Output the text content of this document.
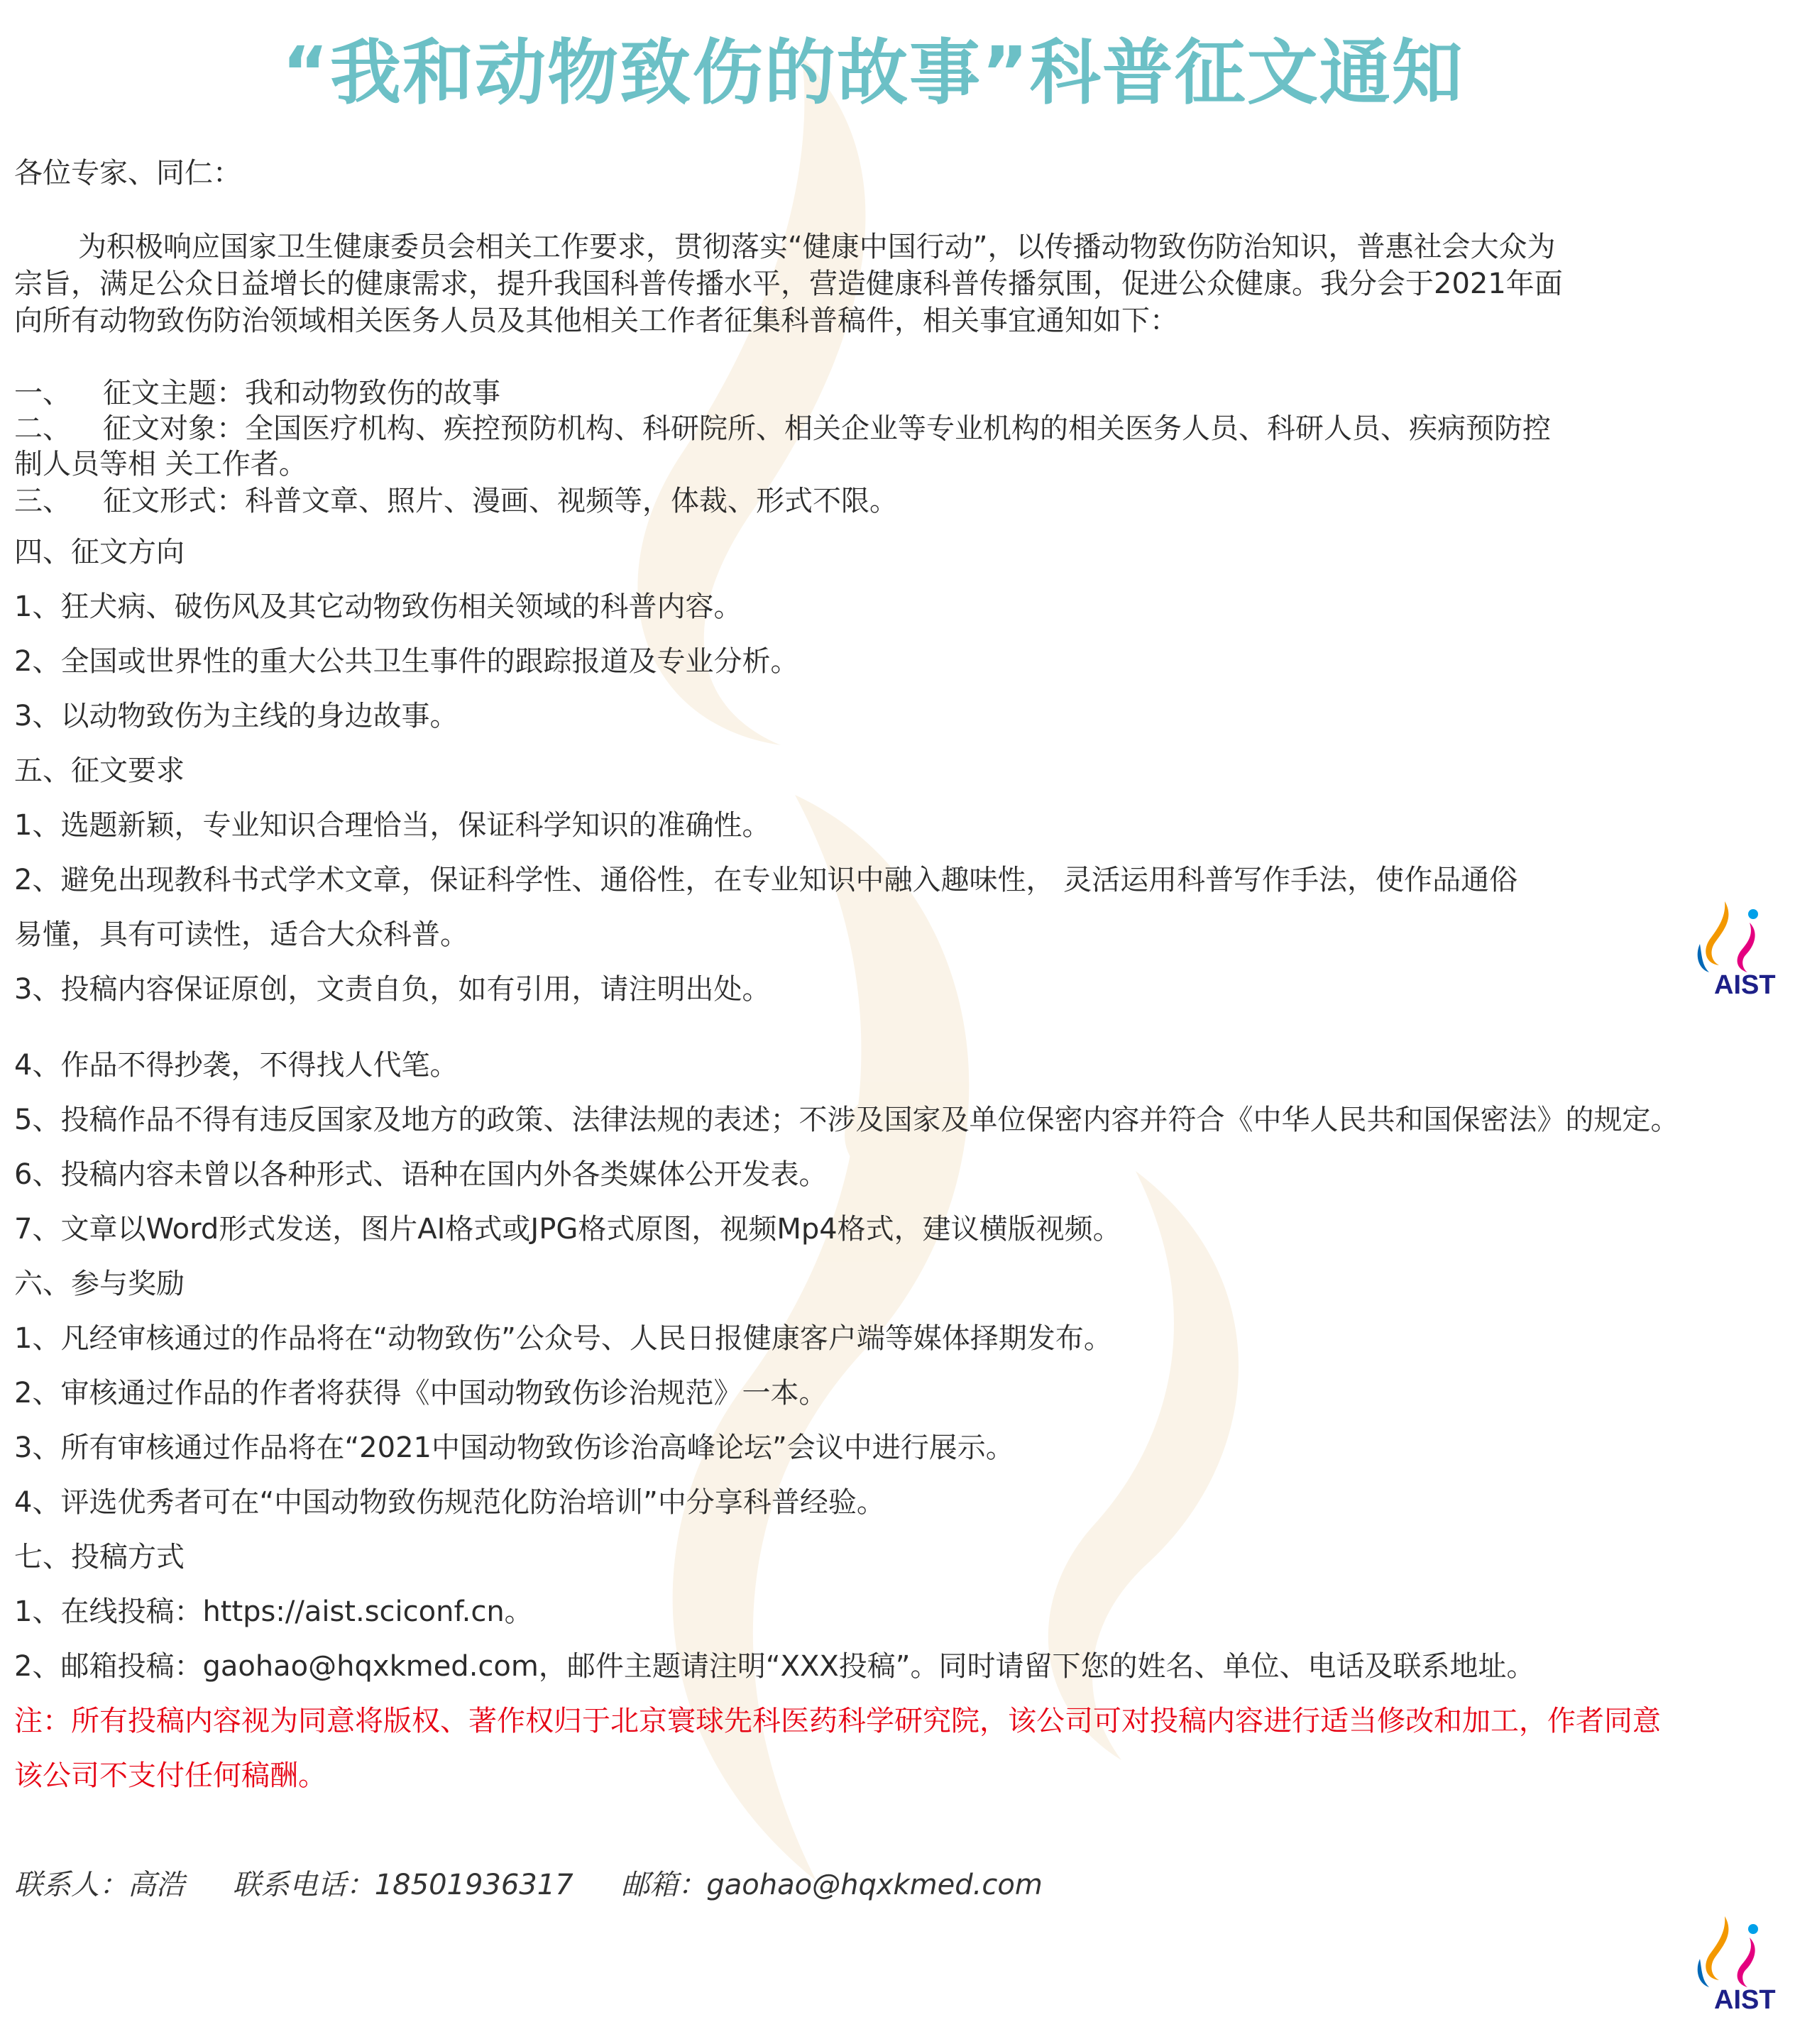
“我和动物致伤的故事”科普征文通知
各位专家、同仁：
为积极响应国家卫生健康委员会相关工作要求，贯彻落实“健康中国行动”，以传播动物致伤防治知识，普惠社会大众为
宗旨，满足公众日益增长的健康需求，提升我国科普传播水平，营造健康科普传播氛围，促进公众健康。我分会于2021年面
向所有动物致伤防治领域相关医务人员及其他相关工作者征集科普稿件，相关事宜通知如下：
一、 征文主题：我和动物致伤的故事
二、 征文对象：全国医疗机构、疾控预防机构、科研院所、相关企业等专业机构的相关医务人员、科研人员、疾病预防控
制人员等相 关工作者。
三、 征文形式：科普文章、照片、漫画、视频等，体裁、形式不限。
四、征文方向
1、狂犬病、破伤风及其它动物致伤相关领域的科普内容。
2、全国或世界性的重大公共卫生事件的跟踪报道及专业分析。
3、以动物致伤为主线的身边故事。
五、征文要求
1、选题新颖，专业知识合理恰当，保证科学知识的准确性。
2、避免出现教科书式学术文章，保证科学性、通俗性，在专业知识中融入趣味性， 灵活运用科普写作手法，使作品通俗
易懂，具有可读性，适合大众科普。
3、投稿内容保证原创，文责自负，如有引用，请注明出处。
4、作品不得抄袭，不得找人代笔。
5、投稿作品不得有违反国家及地方的政策、法律法规的表述；不涉及国家及单位保密内容并符合《中华人民共和国保密法》的规定。
6、投稿内容未曾以各种形式、语种在国内外各类媒体公开发表。
7、文章以Word形式发送，图片AI格式或JPG格式原图，视频Mp4格式，建议横版视频。
六、参与奖励
1、凡经审核通过的作品将在“动物致伤”公众号、人民日报健康客户端等媒体择期发布。
2、审核通过作品的作者将获得《中国动物致伤诊治规范》一本。
3、所有审核通过作品将在“2021中国动物致伤诊治高峰论坛”会议中进行展示。
4、评选优秀者可在“中国动物致伤规范化防治培训”中分享科普经验。
七、投稿方式
1、在线投稿：https://aist.sciconf.cn。
2、邮箱投稿：gaohao@hqxkmed.com，邮件主题请注明“XXX投稿”。同时请留下您的姓名、单位、电话及联系地址。
注：所有投稿内容视为同意将版权、著作权归于北京寰球先科医药科学研究院，该公司可对投稿内容进行适当修改和加工，作者同意
该公司不支付任何稿酬。
联系人：高浩 联系电话：18501936317 邮箱：gaohao@hqxkmed.com
AIST
AIST
